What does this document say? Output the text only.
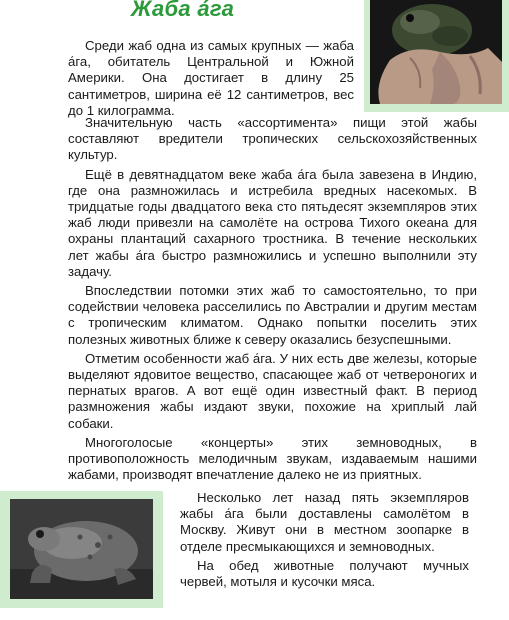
Жаба а́га

Среди жаб одна из самых крупных — жаба а́га, обитатель Центральной и Южной Америки. Она достигает в длину 25 сантиметров, ширина её 12 сантиметров, вес до 1 килограмма.

Значительную часть «ассортимента» пищи этой жабы составляют вредители тропических сельскохозяйственных культур.

Ещё в девятнадцатом веке жаба а́га была завезена в Индию, где она размножилась и истребила вредных насекомых. В тридцатые годы двадцатого века сто пятьдесят экземпляров этих жаб люди привезли на самолёте на острова Тихого океана для охраны плантаций сахарного тростника. В течение нескольких лет жабы а́га быстро размножились и успешно выполнили эту задачу.

Впоследствии потомки этих жаб то самостоятельно, то при содействии человека расселились по Австралии и другим местам с тропическим климатом. Однако попытки поселить этих полезных животных ближе к северу оказались безуспешными.

Отметим особенности жаб а́га. У них есть две железы, которые выделяют ядовитое вещество, спасающее жаб от четвероногих и пернатых врагов. А вот ещё один известный факт. В период размножения жабы издают звуки, похожие на хриплый лай собаки.

Многоголосые «концерты» этих земноводных, в противоположность мелодичным звукам, издаваемым нашими жабами, производят впечатление далеко не из приятных.

Несколько лет назад пять экземпляров жабы а́га были доставлены самолётом в Москву. Живут они в местном зоопарке в отделе пресмыкающихся и земноводных.

На обед животные получают мучных червей, мотыля и кусочки мяса.
